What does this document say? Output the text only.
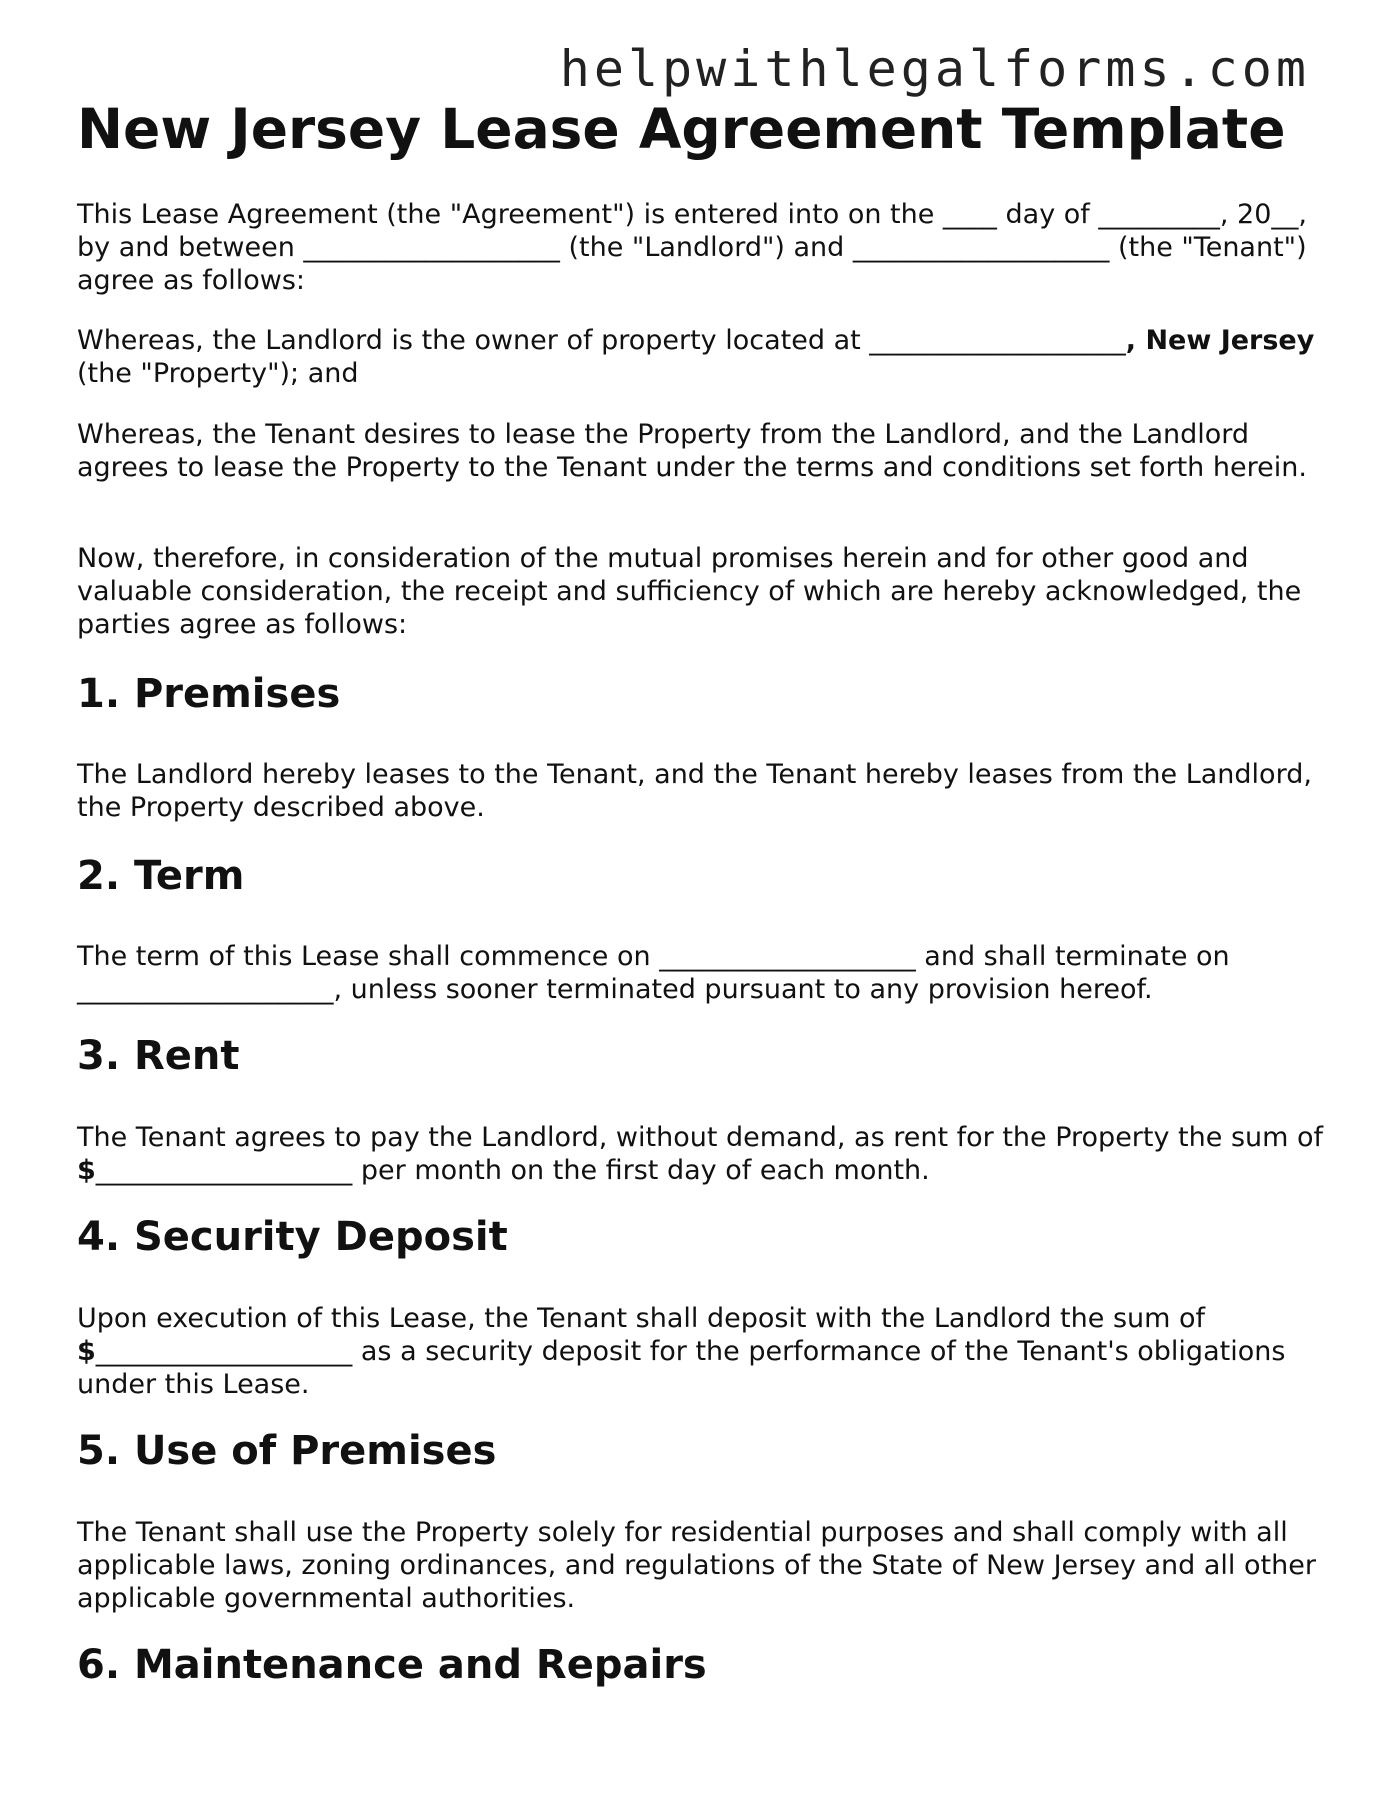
helpwithlegalforms.com
New Jersey Lease Agreement Template

This Lease Agreement (the "Agreement") is entered into on the ____ day of _________, 20__, by and between ___________________ (the "Landlord") and ___________________ (the "Tenant") agree as follows:

Whereas, the Landlord is the owner of property located at ___________________, New Jersey (the "Property"); and

Whereas, the Tenant desires to lease the Property from the Landlord, and the Landlord agrees to lease the Property to the Tenant under the terms and conditions set forth herein.

Now, therefore, in consideration of the mutual promises herein and for other good and valuable consideration, the receipt and sufficiency of which are hereby acknowledged, the parties agree as follows:

1. Premises

The Landlord hereby leases to the Tenant, and the Tenant hereby leases from the Landlord, the Property described above.

2. Term

The term of this Lease shall commence on ___________________ and shall terminate on ___________________, unless sooner terminated pursuant to any provision hereof.

3. Rent

The Tenant agrees to pay the Landlord, without demand, as rent for the Property the sum of $___________________ per month on the first day of each month.

4. Security Deposit

Upon execution of this Lease, the Tenant shall deposit with the Landlord the sum of $___________________ as a security deposit for the performance of the Tenant's obligations under this Lease.

5. Use of Premises

The Tenant shall use the Property solely for residential purposes and shall comply with all applicable laws, zoning ordinances, and regulations of the State of New Jersey and all other applicable governmental authorities.

6. Maintenance and Repairs
